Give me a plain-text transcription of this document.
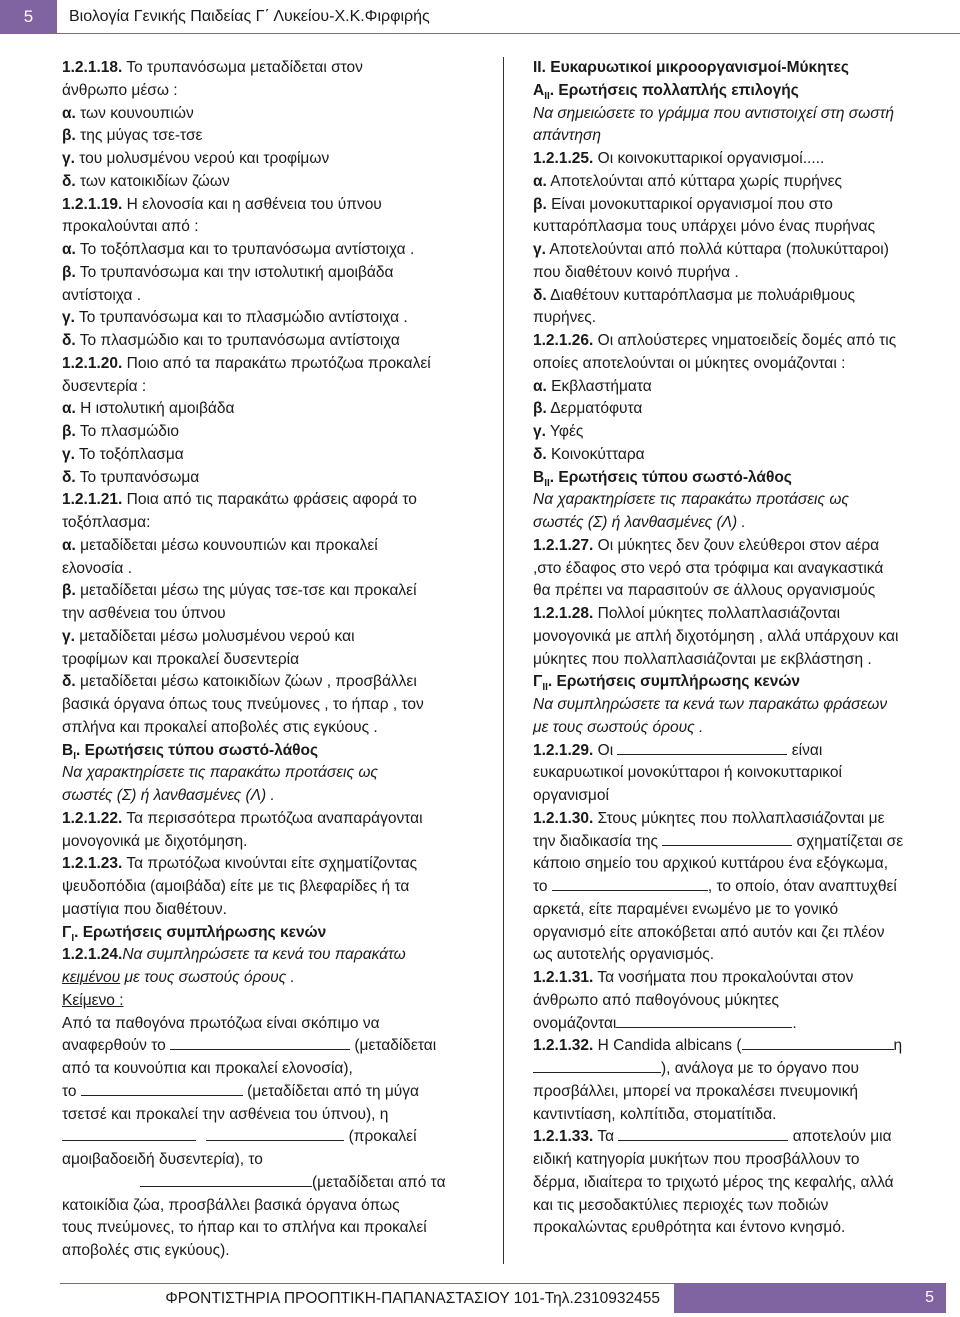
5	Βιολογία Γενικής Παιδείας Γ΄ Λυκείου-Χ.Κ.Φιρφιρής
1.2.1.18. Το τρυπανόσωμα μεταδίδεται στον
άνθρωπο μέσω :
α. των κουνουπιών
β. της μύγας τσε-τσε
γ. του μολυσμένου νερού και τροφίμων
δ. των κατοικιδίων ζώων
1.2.1.19. Η ελονοσία και η ασθένεια του ύπνου
προκαλούνται από :
α. Το τοξόπλασμα και το τρυπανόσωμα αντίστοιχα .
β. Το τρυπανόσωμα και την ιστολυτική αμοιβάδα
αντίστοιχα .
γ. Το τρυπανόσωμα και το πλασμώδιο αντίστοιχα .
δ. Το πλασμώδιο και το τρυπανόσωμα αντίστοιχα
1.2.1.20. Ποιο από τα παρακάτω πρωτόζωα προκαλεί
δυσεντερία :
α. Η ιστολυτική αμοιβάδα
β. Το πλασμώδιο
γ. Το τοξόπλασμα
δ. Το τρυπανόσωμα
1.2.1.21. Ποια από τις παρακάτω φράσεις αφορά το
τοξόπλασμα:
α. μεταδίδεται μέσω κουνουπιών και προκαλεί
ελονοσία .
β. μεταδίδεται μέσω της μύγας τσε-τσε και προκαλεί
την ασθένεια του ύπνου
γ. μεταδίδεται μέσω μολυσμένου νερού και
τροφίμων και προκαλεί δυσεντερία
δ. μεταδίδεται μέσω κατοικιδίων ζώων , προσβάλλει
βασικά όργανα όπως τους πνεύμονες , το ήπαρ , τον
σπλήνα και προκαλεί αποβολές στις εγκύους .
$B_I$. Ερωτήσεις τύπου σωστό-λάθος
Να χαρακτηρίσετε τις παρακάτω προτάσεις ως
σωστές (Σ) ή λανθασμένες (Λ) .
1.2.1.22. Τα περισσότερα πρωτόζωα αναπαράγονται
μονογονικά με διχοτόμηση.
1.2.1.23. Τα πρωτόζωα κινούνται είτε σχηματίζοντας
ψευδοπόδια (αμοιβάδα) είτε με τις βλεφαρίδες ή τα
μαστίγια που διαθέτουν.
$\Gamma_I$. Ερωτήσεις συμπλήρωσης κενών
1.2.1.24.Να συμπληρώσετε τα κενά του παρακάτω
κειμένου με τους σωστούς όρους .
Κείμενο :
Από τα παθογόνα πρωτόζωα είναι σκόπιμο να
αναφερθούν το	(μεταδίδεται
από τα κουνούπια και προκαλεί ελονοσία),
το	(μεταδίδεται από τη μύγα
τσετσέ και προκαλεί την ασθένεια του ύπνου), η
(προκαλεί
αμοιβαδοειδή δυσεντερία), το
(μεταδίδεται από τα
κατοικίδια ζώα, προσβάλλει βασικά όργανα όπως
τους πνεύμονες, το ήπαρ και το σπλήνα και προκαλεί
αποβολές στις εγκύους).
ΙΙ. Ευκαρυωτικοί μικροοργανισμοί-Μύκητες
$A_{II}$. Ερωτήσεις πολλαπλής επιλογής
Να σημειώσετε το γράμμα που αντιστοιχεί στη σωστή
απάντηση
1.2.1.25. Οι κοινοκυτταρικοί οργανισμοί.....
α. Αποτελούνται από κύτταρα χωρίς πυρήνες
β. Είναι μονοκυτταρικοί οργανισμοί που στο
κυτταρόπλασμα τους υπάρχει μόνο ένας πυρήνας
γ. Αποτελούνται από πολλά κύτταρα (πολυκύτταροι)
που διαθέτουν κοινό πυρήνα .
δ. Διαθέτουν κυτταρόπλασμα με πολυάριθμους
πυρήνες.
1.2.1.26. Οι απλούστερες νηματοειδείς δομές από τις
οποίες αποτελούνται οι μύκητες ονομάζονται :
α. Εκβλαστήματα
β. Δερματόφυτα
γ. Υφές
δ. Κοινοκύτταρα
$B_{II}$. Ερωτήσεις τύπου σωστό-λάθος
Να χαρακτηρίσετε τις παρακάτω προτάσεις ως
σωστές (Σ) ή λανθασμένες (Λ) .
1.2.1.27. Οι μύκητες δεν ζουν ελεύθεροι στον αέρα
,στο έδαφος στο νερό στα τρόφιμα και αναγκαστικά
θα πρέπει να παρασιτούν σε άλλους οργανισμούς
1.2.1.28. Πολλοί μύκητες πολλαπλασιάζονται
μονογονικά με απλή διχοτόμηση , αλλά υπάρχουν και
μύκητες που πολλαπλασιάζονται με εκβλάστηση .
$\Gamma_{II}$. Ερωτήσεις συμπλήρωσης κενών
Να συμπληρώσετε τα κενά των παρακάτω φράσεων
με τους σωστούς όρους .
1.2.1.29. Οι	είναι
ευκαρυωτικοί μονοκύτταροι ή κοινοκυτταρικοί
οργανισμοί
1.2.1.30. Στους μύκητες που πολλαπλασιάζονται με
την διαδικασία της	σχηματίζεται σε
κάποιο σημείο του αρχικού κυττάρου ένα εξόγκωμα,
το	, το οποίο, όταν αναπτυχθεί
αρκετά, είτε παραμένει ενωμένο με το γονικό
οργανισμό είτε αποκόβεται από αυτόν και ζει πλέον
ως αυτοτελής οργανισμός.
1.2.1.31. Τα νοσήματα που προκαλούνται στον
άνθρωπο από παθογόνους μύκητες
ονομάζονται	.
1.2.1.32. Η Candida albicans (	η
), ανάλογα με το όργανο που
προσβάλλει, μπορεί να προκαλέσει πνευμονική
καντιντίαση, κολπίτιδα, στοματίτιδα.
1.2.1.33. Τα	αποτελούν μια
ειδική κατηγορία μυκήτων που προσβάλλουν το
δέρμα, ιδιαίτερα το τριχωτό μέρος της κεφαλής, αλλά
και τις μεσοδακτύλιες περιοχές των ποδιών
προκαλώντας ερυθρότητα και έντονο κνησμό.
ΦΡΟΝΤΙΣΤΗΡΙΑ ΠΡΟΟΠΤΙΚΗ-ΠΑΠΑΝΑΣΤΑΣΙΟΥ 101-Τηλ.2310932455	5
